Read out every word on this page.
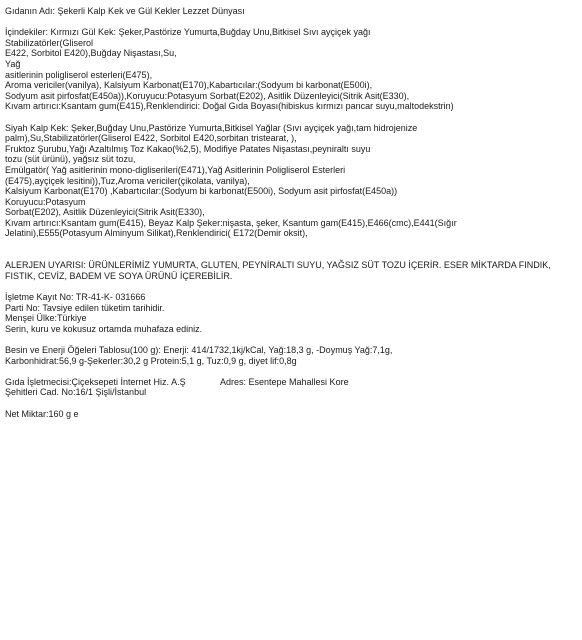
Gıdanın Adı: Şekerli Kalp Kek ve Gül Kekler Lezzet Dünyası
İçindekiler: Kırmızı Gül Kek: Şeker,Pastörize Yumurta,Buğday Unu,Bitkisel Sıvı ayçiçek yağı
Stabilizatörler(Gliserol
E422, Sorbitol E420),Buğday Nişastası,Su,
Yağ
asitlerinin poligliserol esterleri(E475),
Aroma vericiler(vanilya), Kalsiyum Karbonat(E170),Kabartıcılar:(Sodyum bi karbonat(E500i),
Sodyum asit pirfosfat(E450a)),Koruyucu:Potasyum Sorbat(E202), Asitlik Düzenleyici(Sitrik Asit(E330),
Kıvam artırıcı:Ksantam gum(E415),Renklendirici: Doğal Gıda Boyası(hibiskus kırmızı pancar suyu,maltodekstrin)
Siyah Kalp Kek: Şeker,Buğday Unu,Pastörize Yumurta,Bitkisel Yağlar (Sıvı ayçiçek yağı,tam hidrojenize
palm),Su,Stabilizatörler(Gliserol E422, Sorbitol E420,sorbitan tristearat, ),
Fruktoz Şurubu,Yağı Azaltılmış Toz Kakao(%2,5), Modifiye Patates Nişastası,peyniraltı suyu
tozu (süt ürünü), yağsız süt tozu,
Emülgatör( Yağ asitlerinin mono-digliserileri(E471),Yağ Asitlerinin Poligliserol Esterleri
(E475),ayçiçek lesitini)),Tuz,Aroma vericiler(çikolata, vanilya),
Kalsiyum Karbonat(E170) ,Kabartıcılar:(Sodyum bi karbonat(E500i), Sodyum asit pirfosfat(E450a))
Koruyucu:Potasyum
Sorbat(E202), Asitlik Düzenleyici(Sitrik Asit(E330),
Kıvam artırıcı:Ksantam gum(E415), Beyaz Kalp Şeker:nişasta, şeker, Ksantum gam(E415),E466(cmc),E441(Sığır
Jelatini),E555(Potasyum Alminyum Silikat),Renklendirici( E172(Demir oksit),
ALERJEN UYARISI: ÜRÜNLERİMİZ YUMURTA, GLUTEN, PEYNİRALTI SUYU, YAĞSIZ SÜT TOZU İÇERİR. ESER MİKTARDA FINDIK,
FISTIK, CEVİZ, BADEM VE SOYA ÜRÜNÜ İÇEREBİLİR.
İşletme Kayıt No: TR-41-K- 031666
Parti No: Tavsiye edilen tüketim tarihidir.
Menşei Ülke:Türkiye
Serin, kuru ve kokusuz ortamda muhafaza ediniz.
Besin ve Enerji Öğeleri Tablosu(100 g): Enerji: 414/1732,1kj/kCal, Yağ:18,3 g, -Doymuş Yağ:7,1g,
Karbonhidrat:56,9 g-Şekerler:30,2 g Protein:5,1 g, Tuz:0,9 g, diyet lif:0,8g
Gıda İşletmecisi:Çiçeksepeti İnternet Hiz. A.Ş	Adres: Esentepe Mahallesi Kore
Şehitleri Cad. No:16/1 Şişli/İstanbul
Net Miktar:160 g e
